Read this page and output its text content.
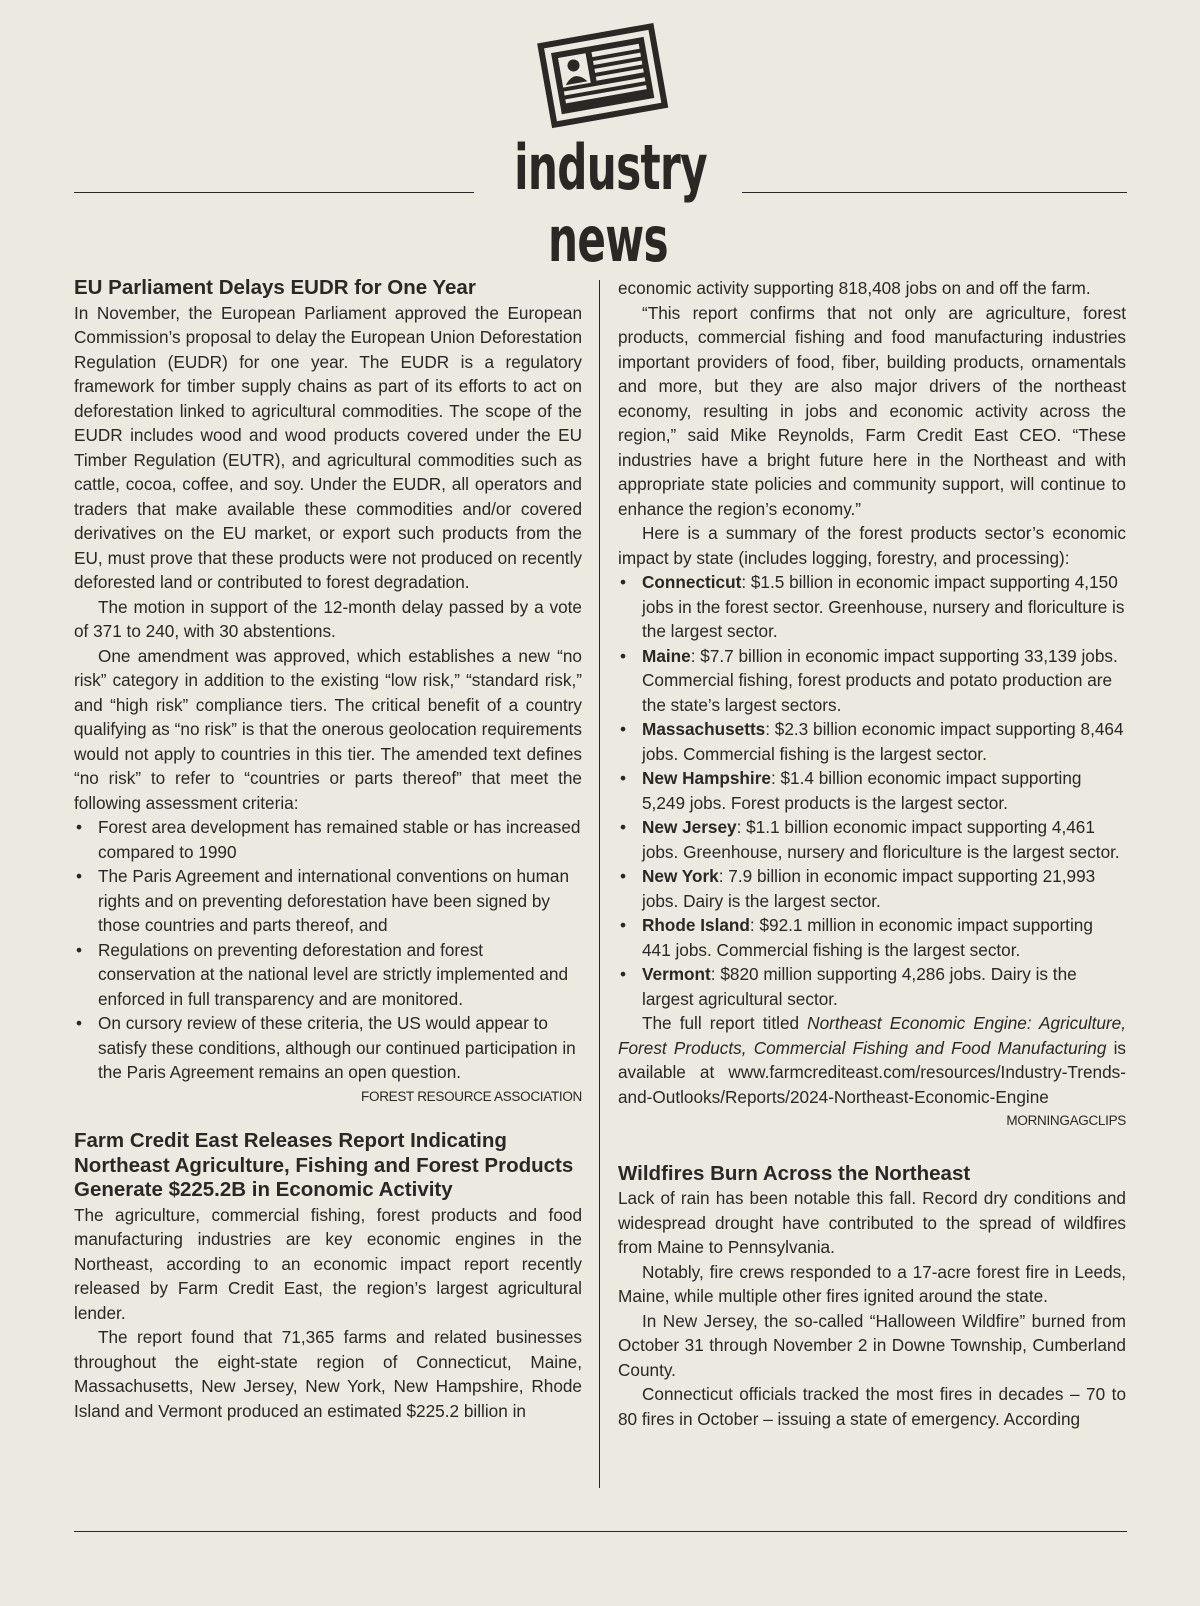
industry news
EU Parliament Delays EUDR for One Year

In November, the European Parliament approved the European Commission’s proposal to delay the European Union Deforestation Regulation (EUDR) for one year. The EUDR is a regulatory framework for timber supply chains as part of its efforts to act on deforestation linked to agricultural commodities. The scope of the EUDR includes wood and wood products covered under the EU Timber Regulation (EUTR), and agricultural commodities such as cattle, cocoa, coffee, and soy. Under the EUDR, all operators and traders that make available these commodities and/or covered derivatives on the EU market, or export such products from the EU, must prove that these products were not produced on recently deforested land or contributed to forest degradation.

The motion in support of the 12-month delay passed by a vote of 371 to 240, with 30 abstentions.

One amendment was approved, which establishes a new “no risk” category in addition to the existing “low risk,” “standard risk,” and “high risk” compliance tiers. The critical benefit of a country qualifying as “no risk” is that the onerous geolocation requirements would not apply to countries in this tier. The amended text defines “no risk” to refer to “countries or parts thereof” that meet the following assessment criteria:

• Forest area development has remained stable or has increased compared to 1990
• The Paris Agreement and international conventions on human rights and on preventing deforestation have been signed by those countries and parts thereof, and
• Regulations on preventing deforestation and forest conservation at the national level are strictly implemented and enforced in full transparency and are monitored.
• On cursory review of these criteria, the US would appear to satisfy these conditions, although our continued participation in the Paris Agreement remains an open question.
FOREST RESOURCE ASSOCIATION
Farm Credit East Releases Report Indicating Northeast Agriculture, Fishing and Forest Products Generate $225.2B in Economic Activity

The agriculture, commercial fishing, forest products and food manufacturing industries are key economic engines in the Northeast, according to an economic impact report recently released by Farm Credit East, the region’s largest agricultural lender.

The report found that 71,365 farms and related businesses throughout the eight-state region of Connecticut, Maine, Massachusetts, New Jersey, New York, New Hampshire, Rhode Island and Vermont produced an estimated $225.2 billion in

economic activity supporting 818,408 jobs on and off the farm.

“This report confirms that not only are agriculture, forest products, commercial fishing and food manufacturing industries important providers of food, fiber, building products, ornamentals and more, but they are also major drivers of the northeast economy, resulting in jobs and economic activity across the region,” said Mike Reynolds, Farm Credit East CEO. “These industries have a bright future here in the Northeast and with appropriate state policies and community support, will continue to enhance the region’s economy.”

Here is a summary of the forest products sector’s economic impact by state (includes logging, forestry, and processing):

• Connecticut: $1.5 billion in economic impact supporting 4,150 jobs in the forest sector. Greenhouse, nursery and floriculture is the largest sector.
• Maine: $7.7 billion in economic impact supporting 33,139 jobs. Commercial fishing, forest products and potato production are the state’s largest sectors.
• Massachusetts: $2.3 billion economic impact supporting 8,464 jobs. Commercial fishing is the largest sector.
• New Hampshire: $1.4 billion economic impact supporting 5,249 jobs. Forest products is the largest sector.
• New Jersey: $1.1 billion economic impact supporting 4,461 jobs. Greenhouse, nursery and floriculture is the largest sector.
• New York: 7.9 billion in economic impact supporting 21,993 jobs. Dairy is the largest sector.
• Rhode Island: $92.1 million in economic impact supporting 441 jobs. Commercial fishing is the largest sector.
• Vermont: $820 million supporting 4,286 jobs. Dairy is the largest agricultural sector.

The full report titled Northeast Economic Engine: Agriculture, Forest Products, Commercial Fishing and Food Manufacturing is available at www.farmcrediteast.com/resources/Industry-Trends-and-Outlooks/Reports/2024-Northeast-Economic-Engine

MORNINGAGCLIPS
Wildfires Burn Across the Northeast

Lack of rain has been notable this fall. Record dry conditions and widespread drought have contributed to the spread of wildfires from Maine to Pennsylvania.

Notably, fire crews responded to a 17-acre forest fire in Leeds, Maine, while multiple other fires ignited around the state.

In New Jersey, the so-called “Halloween Wildfire” burned from October 31 through November 2 in Downe Township, Cumberland County.

Connecticut officials tracked the most fires in decades – 70 to 80 fires in October – issuing a state of emergency. According
